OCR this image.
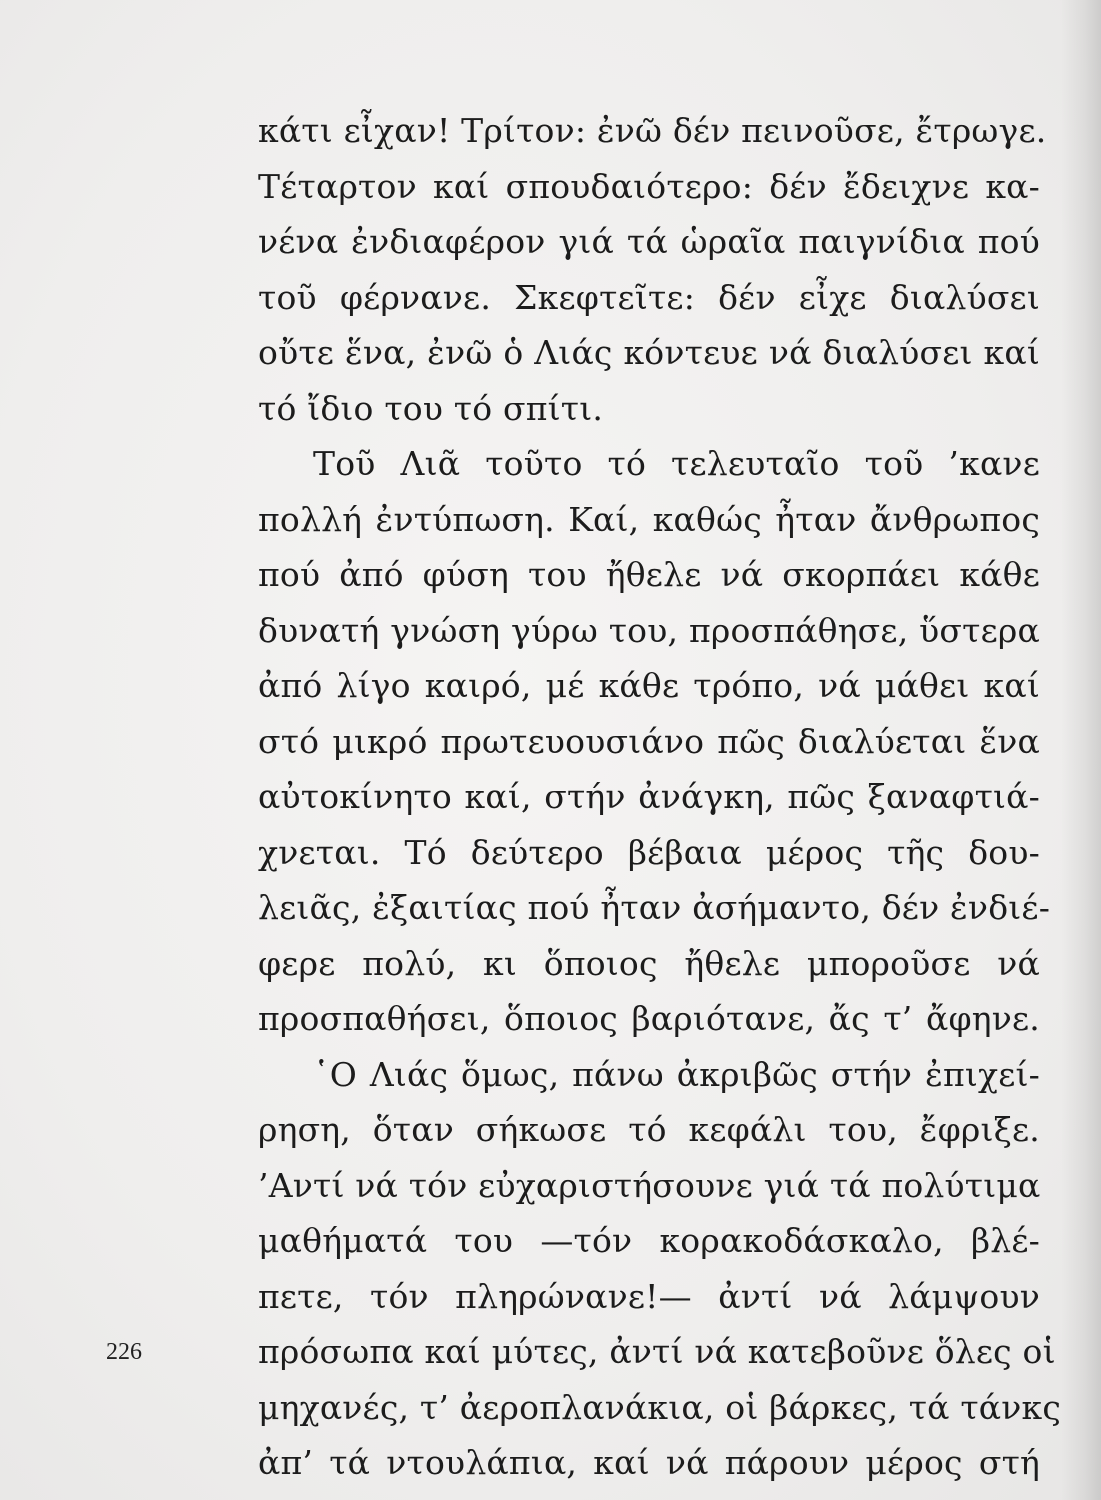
κάτι εἶχαν! Τρίτον: ἐνῶ δέν πεινοῦσε, ἔτρωγε.
Τέταρτον καί σπουδαιότερο: δέν ἔδειχνε κα-
νένα ἐνδιαφέρον γιά τά ὡραῖα παιγνίδια πού
τοῦ φέρνανε. Σκεφτεῖτε: δέν εἶχε διαλύσει
οὔτε ἕνα, ἐνῶ ὁ Λιάς κόντευε νά διαλύσει καί
τό ἴδιο του τό σπίτι.
Τοῦ Λιᾶ τοῦτο τό τελευταῖο τοῦ ’κανε
πολλή ἐντύπωση. Καί, καθώς ἦταν ἄνθρωπος
πού ἀπό φύση του ἤθελε νά σκορπάει κάθε
δυνατή γνώση γύρω του, προσπάθησε, ὕστερα
ἀπό λίγο καιρό, μέ κάθε τρόπο, νά μάθει καί
στό μικρό πρωτευουσιάνο πῶς διαλύεται ἕνα
αὐτοκίνητο καί, στήν ἀνάγκη, πῶς ξαναφτιά-
χνεται. Τό δεύτερο βέβαια μέρος τῆς δου-
λειᾶς, ἐξαιτίας πού ἦταν ἀσήμαντο, δέν ἐνδιέ-
φερε πολύ, κι ὅποιος ἤθελε μποροῦσε νά
προσπαθήσει, ὅποιος βαριότανε, ἄς τ’ ἄφηνε.
῾Ο Λιάς ὅμως, πάνω ἀκριβῶς στήν ἐπιχεί-
ρηση, ὅταν σήκωσε τό κεφάλι του, ἔφριξε.
’Αντί νά τόν εὐχαριστήσουνε γιά τά πολύτιμα
μαθήματά του —τόν κορακοδάσκαλο, βλέ-
πετε, τόν πληρώνανε!— ἀντί νά λάμψουν
πρόσωπα καί μύτες, ἀντί νά κατεβοῦνε ὅλες οἱ
μηχανές, τ’ ἀεροπλανάκια, οἱ βάρκες, τά τάνκς
ἀπ’ τά ντουλάπια, καί νά πάρουν μέρος στή
226
